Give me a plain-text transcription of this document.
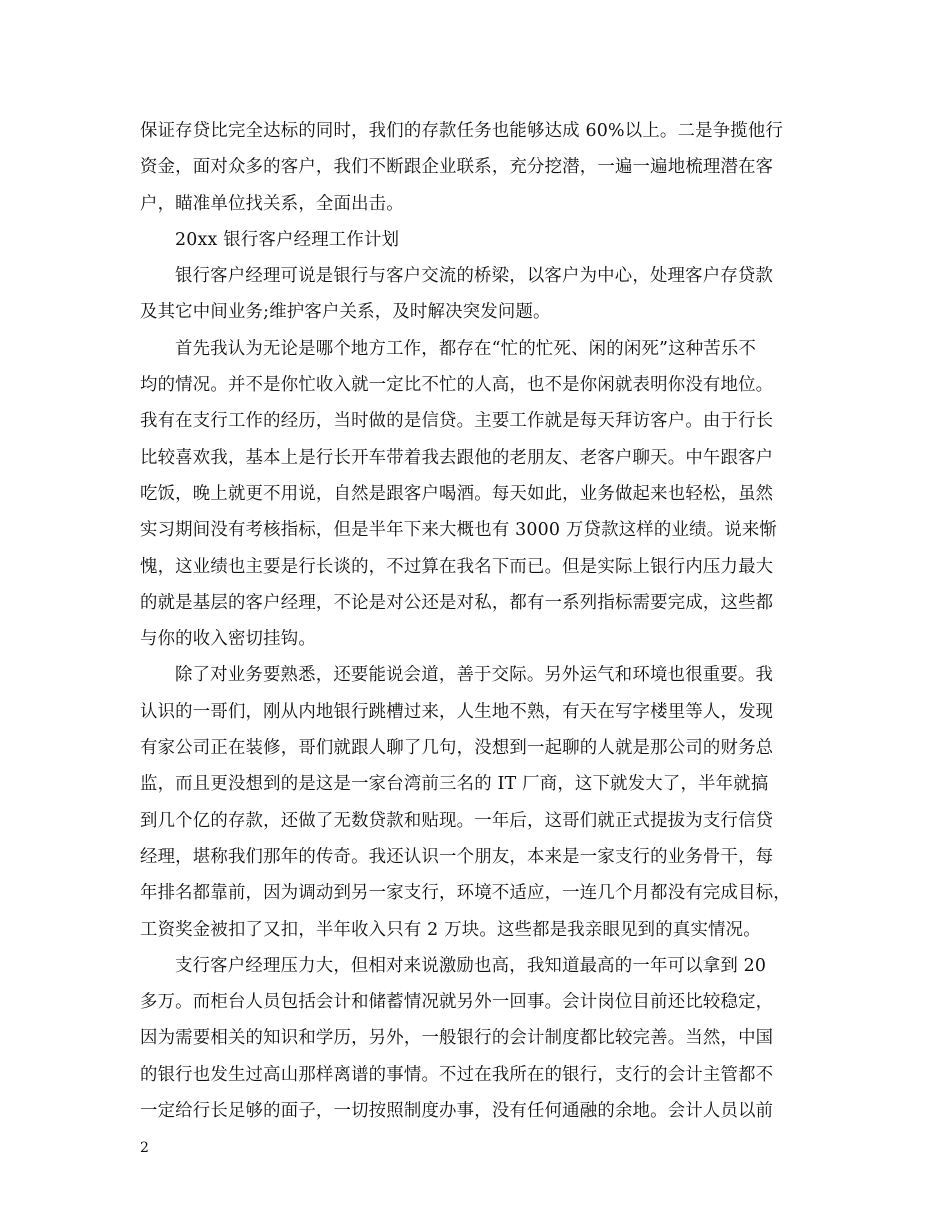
保证存贷比完全达标的同时，我们的存款任务也能够达成 60%以上。二是争揽他行
资金，面对众多的客户，我们不断跟企业联系，充分挖潜，一遍一遍地梳理潜在客
户，瞄准单位找关系，全面出击。
20xx 银行客户经理工作计划
银行客户经理可说是银行与客户交流的桥梁，以客户为中心，处理客户存贷款
及其它中间业务;维护客户关系，及时解决突发问题。
首先我认为无论是哪个地方工作，都存在“忙的忙死、闲的闲死”这种苦乐不
均的情况。并不是你忙收入就一定比不忙的人高，也不是你闲就表明你没有地位。
我有在支行工作的经历，当时做的是信贷。主要工作就是每天拜访客户。由于行长
比较喜欢我，基本上是行长开车带着我去跟他的老朋友、老客户聊天。中午跟客户
吃饭，晚上就更不用说，自然是跟客户喝酒。每天如此，业务做起来也轻松，虽然
实习期间没有考核指标，但是半年下来大概也有 3000 万贷款这样的业绩。说来惭
愧，这业绩也主要是行长谈的，不过算在我名下而已。但是实际上银行内压力最大
的就是基层的客户经理，不论是对公还是对私，都有一系列指标需要完成，这些都
与你的收入密切挂钩。
除了对业务要熟悉，还要能说会道，善于交际。另外运气和环境也很重要。我
认识的一哥们，刚从内地银行跳槽过来，人生地不熟，有天在写字楼里等人，发现
有家公司正在装修，哥们就跟人聊了几句，没想到一起聊的人就是那公司的财务总
监，而且更没想到的是这是一家台湾前三名的 IT 厂商，这下就发大了，半年就搞
到几个亿的存款，还做了无数贷款和贴现。一年后，这哥们就正式提拔为支行信贷
经理，堪称我们那年的传奇。我还认识一个朋友，本来是一家支行的业务骨干，每
年排名都靠前，因为调动到另一家支行，环境不适应，一连几个月都没有完成目标，
工资奖金被扣了又扣，半年收入只有 2 万块。这些都是我亲眼见到的真实情况。
支行客户经理压力大，但相对来说激励也高，我知道最高的一年可以拿到 20
多万。而柜台人员包括会计和储蓄情况就另外一回事。会计岗位目前还比较稳定，
因为需要相关的知识和学历，另外，一般银行的会计制度都比较完善。当然，中国
的银行也发生过高山那样离谱的事情。不过在我所在的银行，支行的会计主管都不
一定给行长足够的面子，一切按照制度办事，没有任何通融的余地。会计人员以前
2
